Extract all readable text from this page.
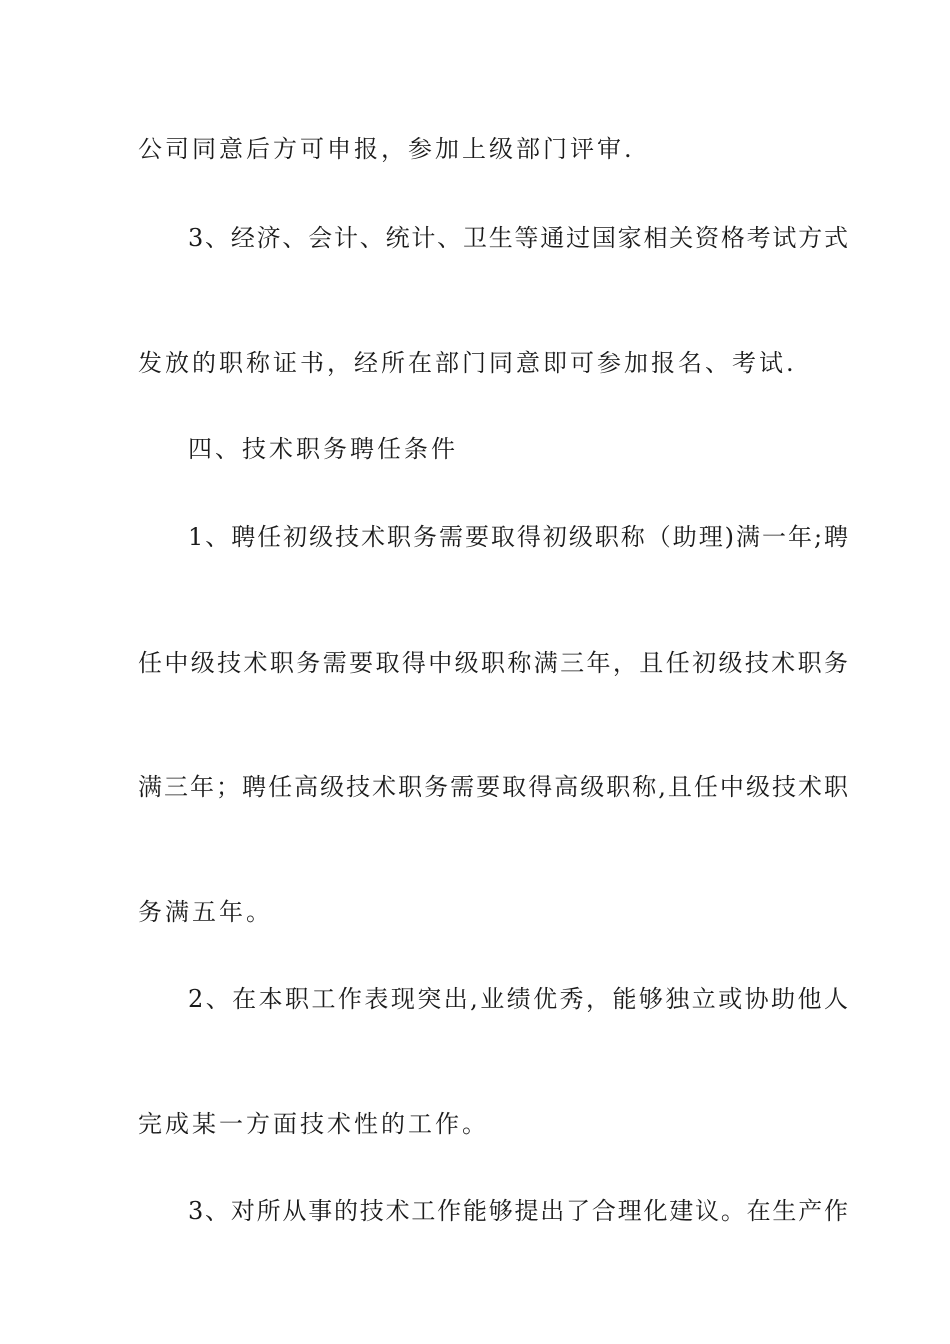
公司同意后方可申报，参加上级部门评审.
3、经济、会计、统计、卫生等通过国家相关资格考试方式
发放的职称证书，经所在部门同意即可参加报名、考试.
四、技术职务聘任条件
1、聘任初级技术职务需要取得初级职称（助理)满一年;聘
任中级技术职务需要取得中级职称满三年，且任初级技术职务
满三年；聘任高级技术职务需要取得高级职称,且任中级技术职
务满五年。
2、在本职工作表现突出,业绩优秀，能够独立或协助他人
完成某一方面技术性的工作。
3、对所从事的技术工作能够提出了合理化建议。在生产作
